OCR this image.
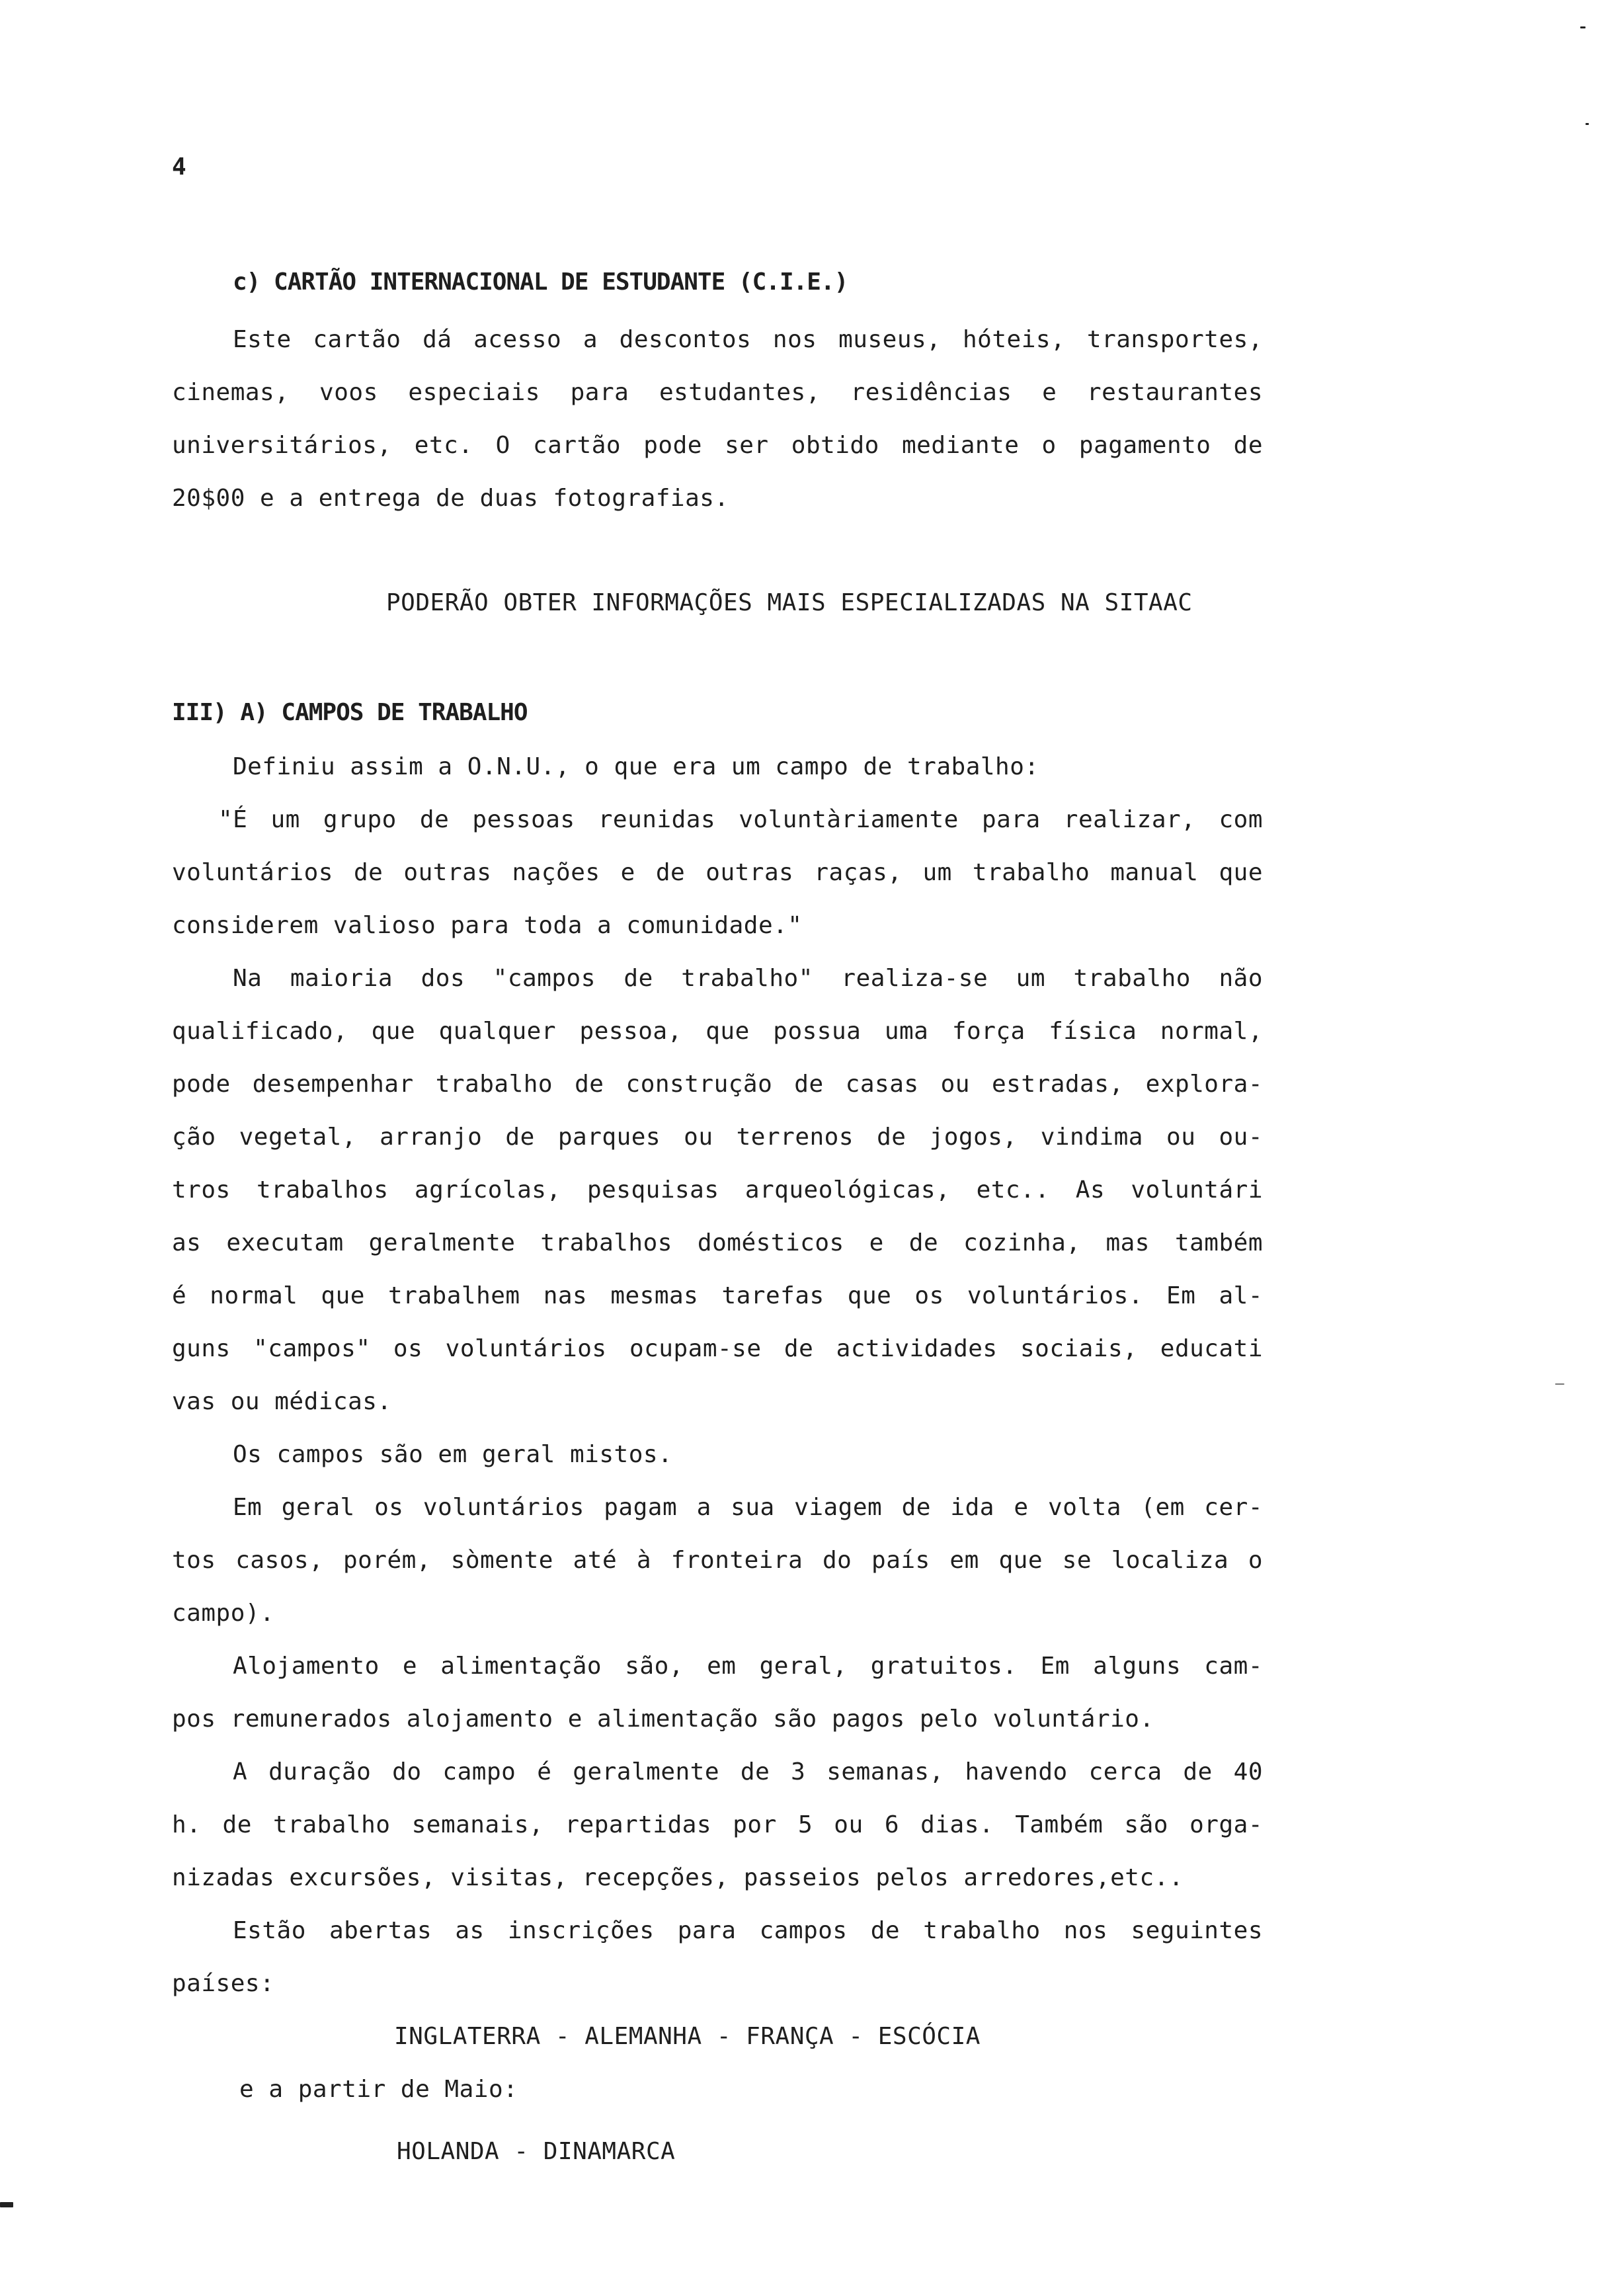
4
c) CARTÃO INTERNACIONAL DE ESTUDANTE (C.I.E.)
Este cartão dá acesso a descontos nos museus, hóteis, transportes,
cinemas, voos especiais para estudantes, residências e restaurantes
universitários, etc. O cartão pode ser obtido mediante o pagamento de
20$00 e a entrega de duas fotografias.
PODERÃO OBTER INFORMAÇÕES MAIS ESPECIALIZADAS NA SITAAC
III) A) CAMPOS DE TRABALHO
Definiu assim a O.N.U., o que era um campo de trabalho:
"É um grupo de pessoas reunidas voluntàriamente para realizar, com
voluntários de outras nações e de outras raças, um trabalho manual que
considerem valioso para toda a comunidade."
Na maioria dos "campos de trabalho" realiza-se um trabalho não
qualificado, que qualquer pessoa, que possua uma força física normal,
pode desempenhar trabalho de construção de casas ou estradas, explora-
ção vegetal, arranjo de parques ou terrenos de jogos, vindima ou ou-
tros trabalhos agrícolas, pesquisas arqueológicas, etc.. As voluntári
as executam geralmente trabalhos domésticos e de cozinha, mas também
é normal que trabalhem nas mesmas tarefas que os voluntários. Em al-
guns "campos" os voluntários ocupam-se de actividades sociais, educati
vas ou médicas.
Os campos são em geral mistos.
Em geral os voluntários pagam a sua viagem de ida e volta (em cer-
tos casos, porém, sòmente até à fronteira do país em que se localiza o
campo).
Alojamento e alimentação são, em geral, gratuitos. Em alguns cam-
pos remunerados alojamento e alimentação são pagos pelo voluntário.
A duração do campo é geralmente de 3 semanas, havendo cerca de 40
h. de trabalho semanais, repartidas por 5 ou 6 dias. Também são orga-
nizadas excursões, visitas, recepções, passeios pelos arredores,etc..
Estão abertas as inscrições para campos de trabalho nos seguintes
países:
INGLATERRA - ALEMANHA - FRANÇA - ESCÓCIA
e a partir de Maio:
HOLANDA - DINAMARCA
